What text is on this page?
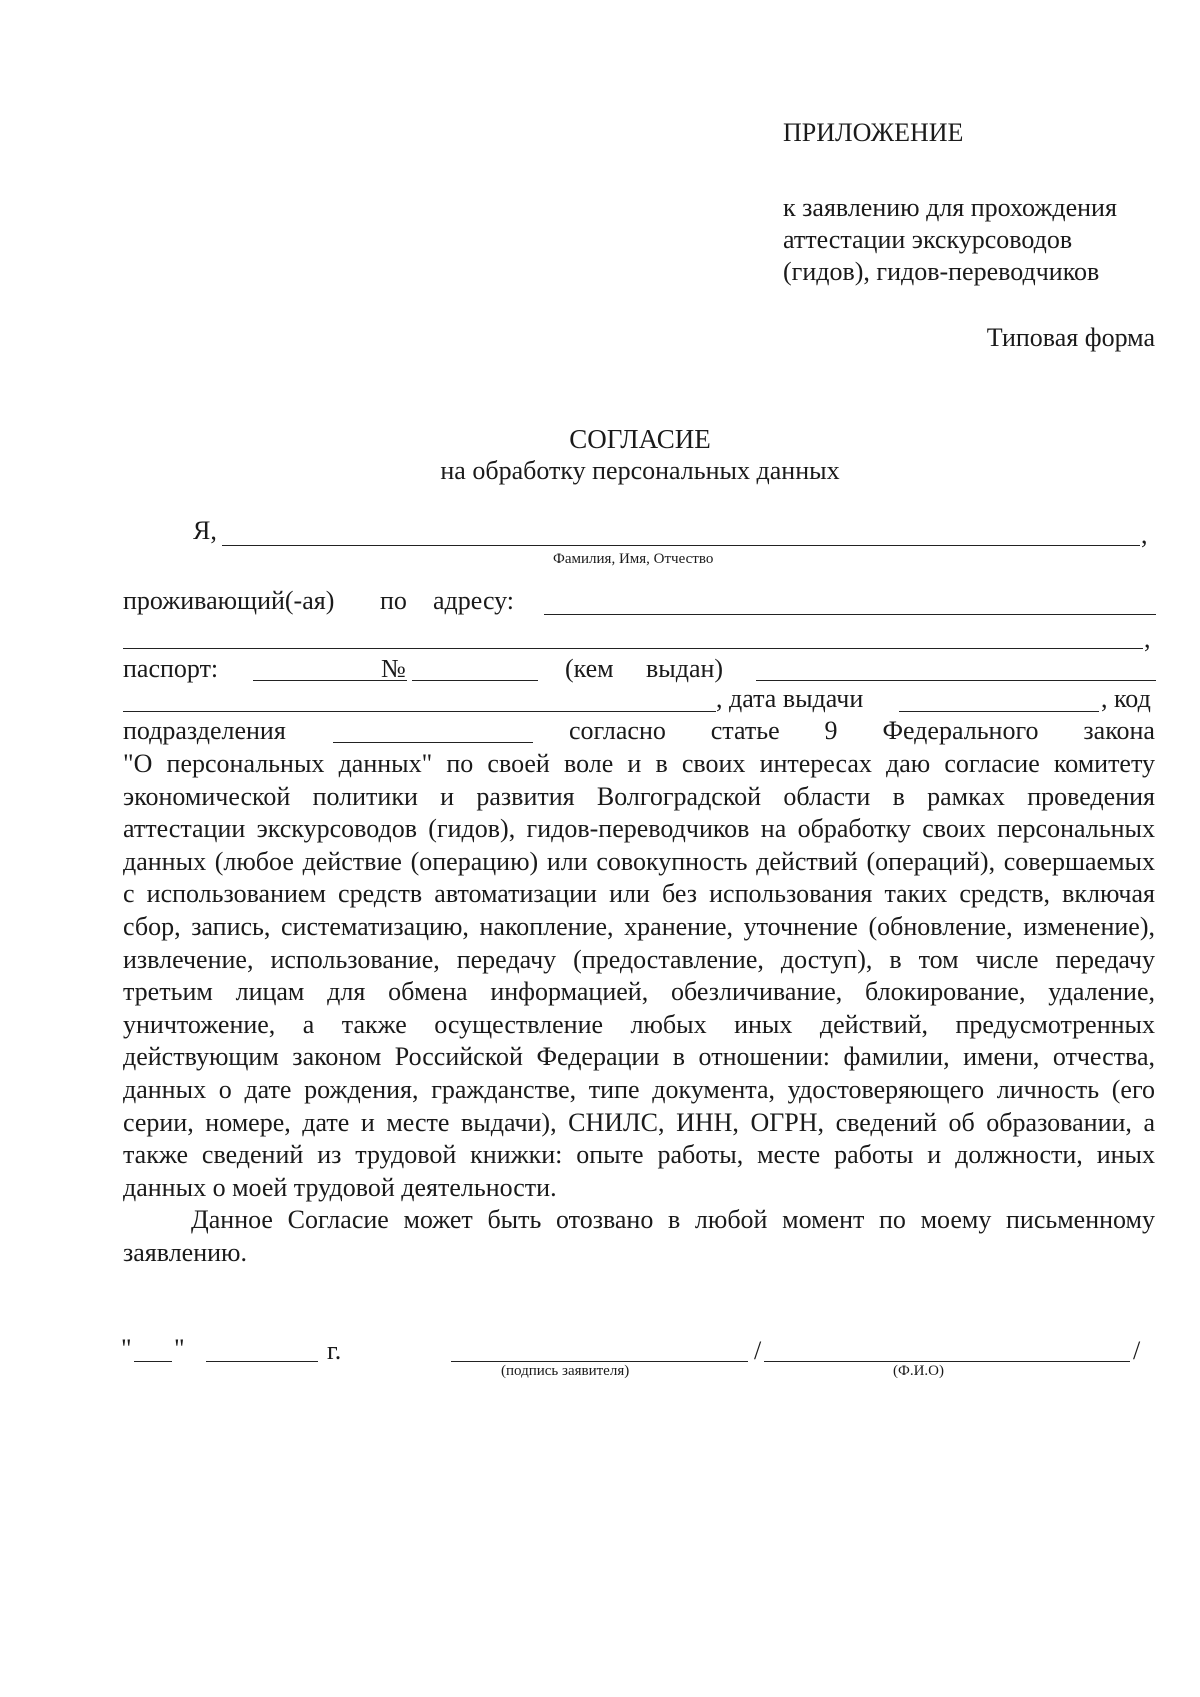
ПРИЛОЖЕНИЕ
к заявлению для прохождения
аттестации экскурсоводов
(гидов), гидов-переводчиков
Типовая форма
СОГЛАСИЕ
на обработку персональных данных
Я,	,
Фамилия, Имя, Отчество
проживающий(-ая) по адресу:
,
паспорт:	№	(кем выдан)
, дата выдачи	, код
подразделения	согласно статье 9 Федерального закона

"О персональных данных" по своей воле и в своих интересах даю согласие комитету экономической политики и развития Волгоградской области в рамках проведения аттестации экскурсоводов (гидов), гидов-переводчиков на обработку своих персональных данных (любое действие (операцию) или совокупность действий (операций), совершаемых с использованием средств автоматизации или без использования таких средств, включая сбор, запись, систематизацию, накопление, хранение, уточнение (обновление, изменение), извлечение, использование, передачу (предоставление, доступ), в том числе передачу третьим лицам для обмена информацией, обезличивание, блокирование, удаление, уничтожение, а также осуществление любых иных действий, предусмотренных действующим законом Российской Федерации в отношении: фамилии, имени, отчества, данных о дате рождения, гражданстве, типе документа, удостоверяющего личность (его серии, номере, дате и месте выдачи), СНИЛС, ИНН, ОГРН, сведений об образовании, а также сведений из трудовой книжки: опыте работы, месте работы и должности, иных данных о моей трудовой деятельности.

Данное Согласие может быть отозвано в любой момент по моему письменному заявлению.

" "	г.	/	/
(подпись заявителя)	(Ф.И.О)
